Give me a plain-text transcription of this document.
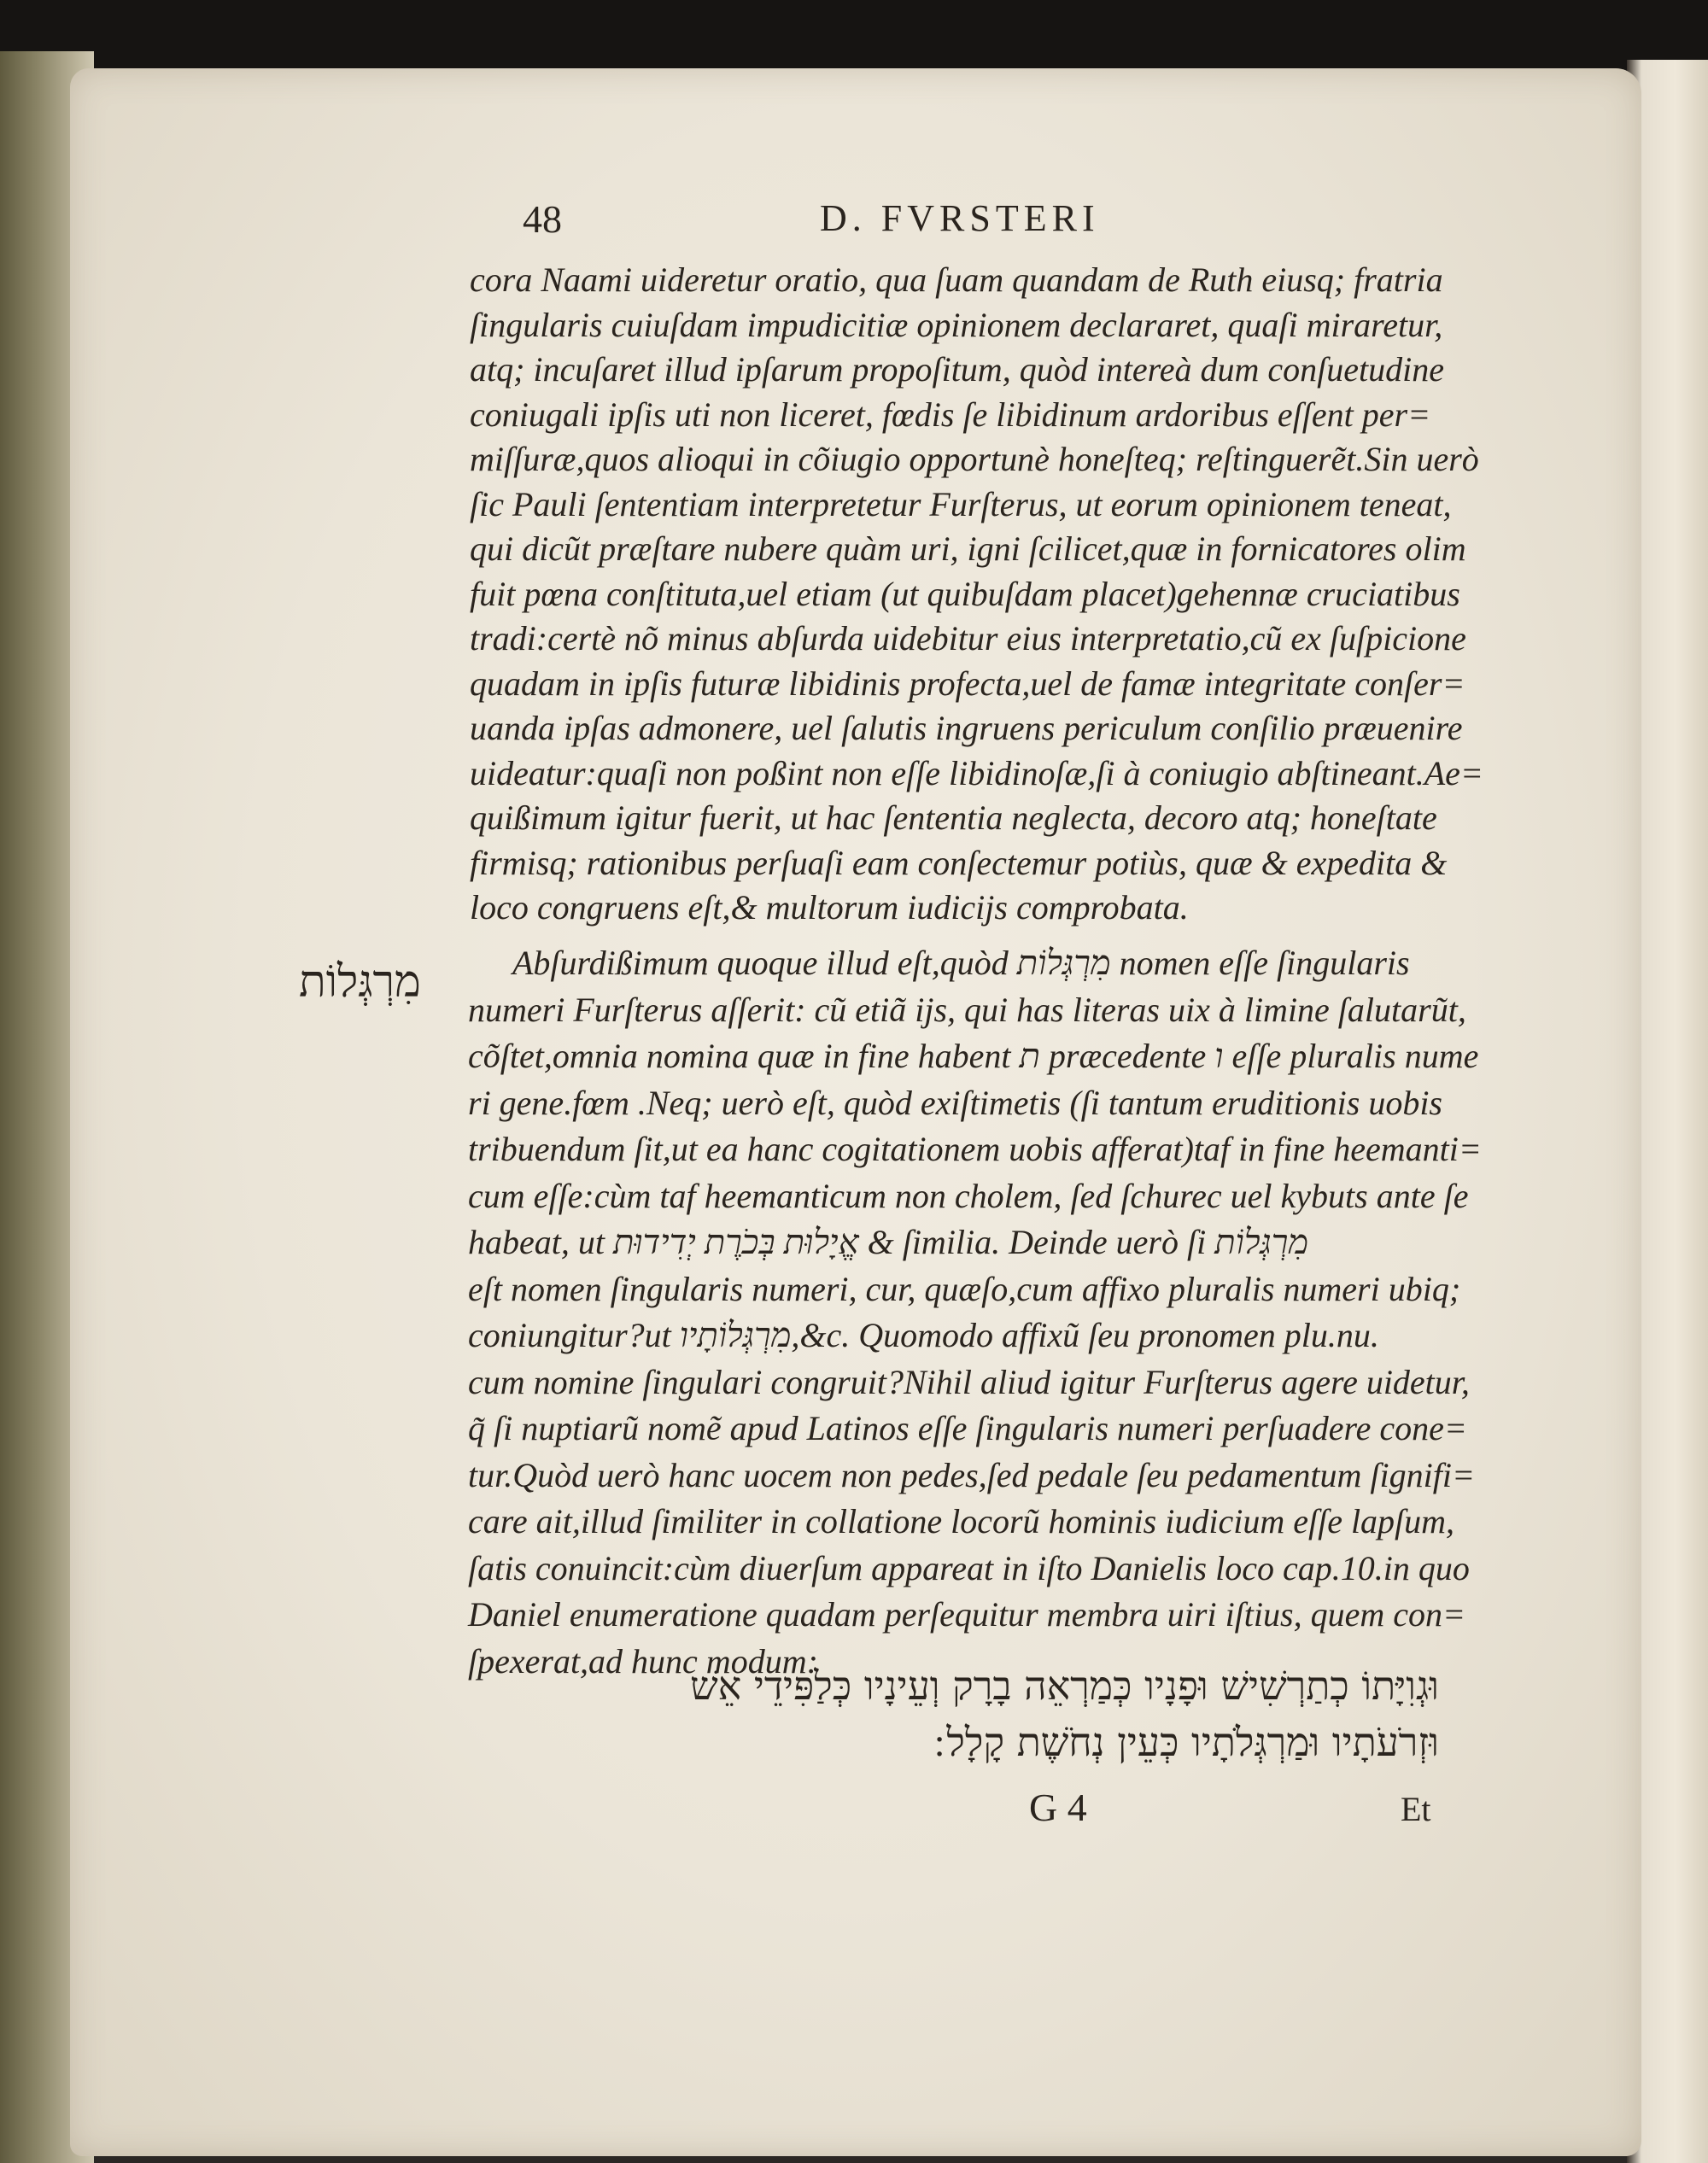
48	D. FVRSTERI
cora Naami uideretur oratio, qua ſuam quandam de Ruth eiusq; fratria
ſingularis cuiuſdam impudicitiæ opinionem declararet, quaſi miraretur,
atq; incuſaret illud ipſarum propoſitum, quòd intereà dum conſuetudine
coniugali ipſis uti non liceret, fœdis ſe libidinum ardoribus eſſent per=
miſſuræ,quos alioqui in cõiugio opportunè honeſteq; reſtinguerẽt.Sin uerò
ſic Pauli ſententiam interpretetur Furſterus, ut eorum opinionem teneat,
qui dicũt præſtare nubere quàm uri, igni ſcilicet,quæ in fornicatores olim
fuit pœna conſtituta,uel etiam (ut quibuſdam placet)gehennæ cruciatibus
tradi:certè nõ minus abſurda uidebitur eius interpretatio,cũ ex ſuſpicione
quadam in ipſis futuræ libidinis profecta,uel de famæ integritate conſer=
uanda ipſas admonere, uel ſalutis ingruens periculum conſilio præuenire
uideatur:quaſi non poßint non eſſe libidinoſæ,ſi à coniugio abſtineant.Ae=
quißimum igitur fuerit, ut hac ſententia neglecta, decoro atq; honeſtate
firmisq; rationibus perſuaſi eam conſectemur potiùs, quæ & expedita &
loco congruens eſt,& multorum iudicijs comprobata.
מִרְגְּלוֹת	Abſurdißimum quoque illud eſt,quòd מִרְגְּלוֹת nomen eſſe ſingularis
numeri Furſterus aſſerit: cũ etiã ijs, qui has literas uix à limine ſalutarũt,
cõſtet,omnia nomina quæ in fine habent ת præcedente ו eſſe pluralis nume
ri gene.fœm .Neq; uerò eſt, quòd exiſtimetis (ſi tantum eruditionis uobis
tribuendum ſit,ut ea hanc cogitationem uobis afferat)taf in fine heemanti=
cum eſſe:cùm taf heemanticum non cholem, ſed ſchurec uel kybuts ante ſe
habeat, ut אֱיָלוּת בְּכֹרֶת יְדִידוּת & ſimilia. Deinde uerò ſi מִרְגְּלוֹת
eſt nomen ſingularis numeri, cur, quæſo,cum affixo pluralis numeri ubiq;
coniungitur?ut מִרְגְּלוֹתָיו,&c. Quomodo affixũ ſeu pronomen plu.nu.
cum nomine ſingulari congruit?Nihil aliud igitur Furſterus agere uidetur,
q̃ ſi nuptiarũ nomẽ apud Latinos eſſe ſingularis numeri perſuadere cone=
tur.Quòd uerò hanc uocem non pedes,ſed pedale ſeu pedamentum ſignifi=
care ait,illud ſimiliter in collatione locorũ hominis iudicium eſſe lapſum,
ſatis conuincit:cùm diuerſum appareat in iſto Danielis loco cap.10.in quo
Daniel enumeratione quadam perſequitur membra uiri iſtius, quem con=
ſpexerat,ad hunc modum:
וּגְוִיָּתוֹ כְתַרְשִׁישׁ וּפָנָיו כְּמַרְאֵה בָרָק וְעֵינָיו כְּלַפִּידֵי אֵשׁ
וּזְרֹעֹתָיו וּמַרְגְּלֹתָיו כְּעֵין נְחֹשֶׁת קָלָל ׃
G 4	Et
